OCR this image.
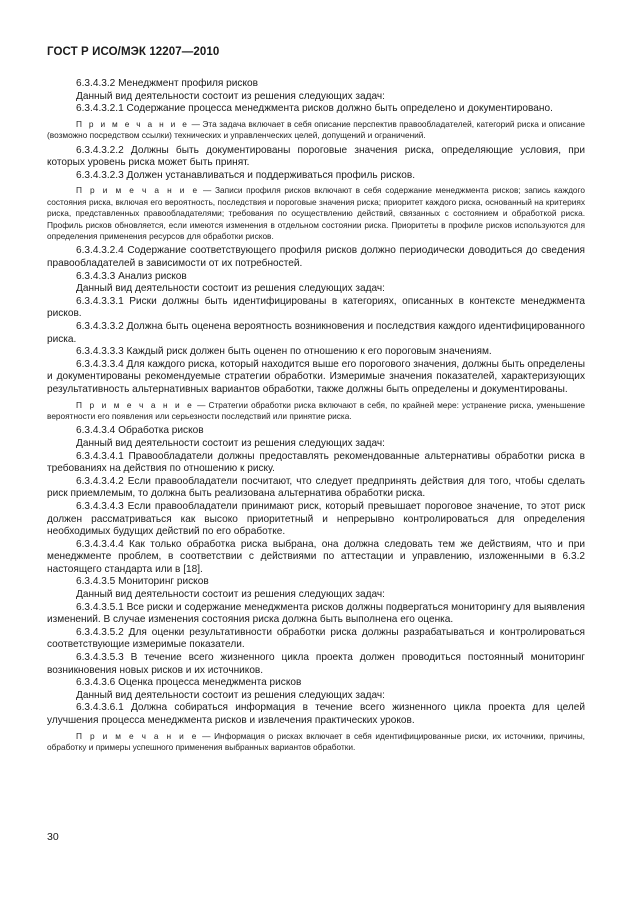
ГОСТ Р ИСО/МЭК 12207—2010

6.3.4.3.2 Менеджмент профиля рисков

Данный вид деятельности состоит из решения следующих задач:

6.3.4.3.2.1 Содержание процесса менеджмента рисков должно быть определено и документировано.

П р и м е ч а н и е — Эта задача включает в себя описание перспектив правообладателей, категорий риска и описание (возможно посредством ссылки) технических и управленческих целей, допущений и ограничений.

6.3.4.3.2.2 Должны быть документированы пороговые значения риска, определяющие условия, при которых уровень риска может быть принят.

6.3.4.3.2.3 Должен устанавливаться и поддерживаться профиль рисков.

П р и м е ч а н и е — Записи профиля рисков включают в себя содержание менеджмента рисков; запись каждого состояния риска, включая его вероятность, последствия и пороговые значения риска; приоритет каждого риска, основанный на критериях риска, представленных правообладателями; требования по осуществлению действий, связанных с состоянием и обработкой риска. Профиль рисков обновляется, если имеются изменения в отдельном состоянии риска. Приоритеты в профиле рисков используются для определения применения ресурсов для обработки рисков.

6.3.4.3.2.4 Содержание соответствующего профиля рисков должно периодически доводиться до сведения правообладателей в зависимости от их потребностей.

6.3.4.3.3 Анализ рисков

Данный вид деятельности состоит из решения следующих задач:

6.3.4.3.3.1 Риски должны быть идентифицированы в категориях, описанных в контексте менеджмента рисков.

6.3.4.3.3.2 Должна быть оценена вероятность возникновения и последствия каждого идентифицированного риска.

6.3.4.3.3.3 Каждый риск должен быть оценен по отношению к его пороговым значениям.

6.3.4.3.3.4 Для каждого риска, который находится выше его порогового значения, должны быть определены и документированы рекомендуемые стратегии обработки. Измеримые значения показателей, характеризующих результативность альтернативных вариантов обработки, также должны быть определены и документированы.

П р и м е ч а н и е — Стратегии обработки риска включают в себя, по крайней мере: устранение риска, уменьшение вероятности его появления или серьезности последствий или принятие риска.

6.3.4.3.4 Обработка рисков

Данный вид деятельности состоит из решения следующих задач:

6.3.4.3.4.1 Правообладатели должны предоставлять рекомендованные альтернативы обработки риска в требованиях на действия по отношению к риску.

6.3.4.3.4.2 Если правообладатели посчитают, что следует предпринять действия для того, чтобы сделать риск приемлемым, то должна быть реализована альтернатива обработки риска.

6.3.4.3.4.3 Если правообладатели принимают риск, который превышает пороговое значение, то этот риск должен рассматриваться как высоко приоритетный и непрерывно контролироваться для определения необходимых будущих действий по его обработке.

6.3.4.3.4.4 Как только обработка риска выбрана, она должна следовать тем же действиям, что и при менеджменте проблем, в соответствии с действиями по аттестации и управлению, изложенными в 6.3.2 настоящего стандарта или в [18].

6.3.4.3.5 Мониторинг рисков

Данный вид деятельности состоит из решения следующих задач:

6.3.4.3.5.1 Все риски и содержание менеджмента рисков должны подвергаться мониторингу для выявления изменений. В случае изменения состояния риска должна быть выполнена его оценка.

6.3.4.3.5.2 Для оценки результативности обработки риска должны разрабатываться и контролироваться соответствующие измеримые показатели.

6.3.4.3.5.3 В течение всего жизненного цикла проекта должен проводиться постоянный мониторинг возникновения новых рисков и их источников.

6.3.4.3.6 Оценка процесса менеджмента рисков

Данный вид деятельности состоит из решения следующих задач:

6.3.4.3.6.1 Должна собираться информация в течение всего жизненного цикла проекта для целей улучшения процесса менеджмента рисков и извлечения практических уроков.

П р и м е ч а н и е — Информация о рисках включает в себя идентифицированные риски, их источники, причины, обработку и примеры успешного применения выбранных вариантов обработки.

30
